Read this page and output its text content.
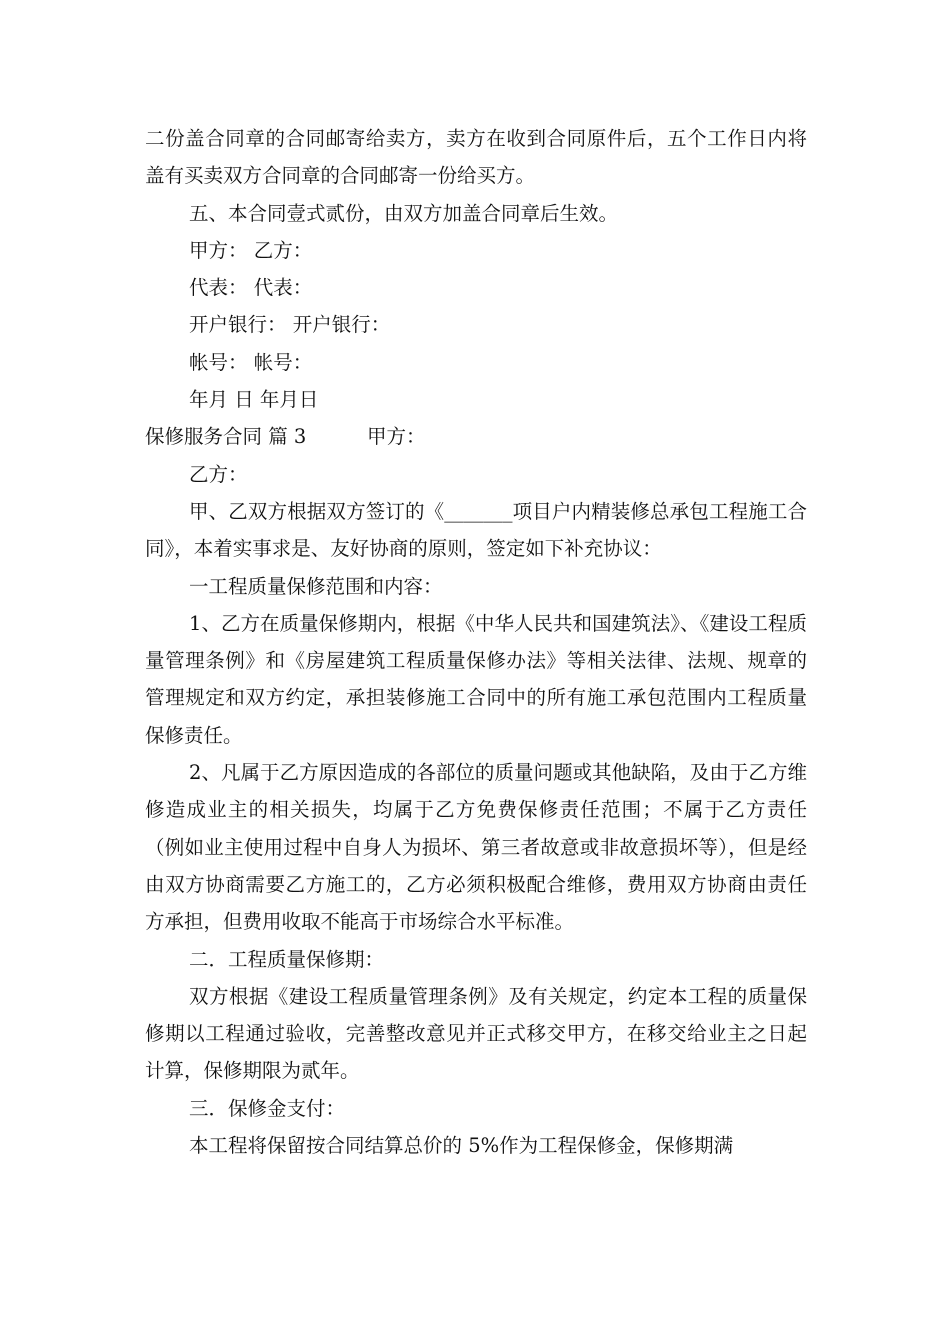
二份盖合同章的合同邮寄给卖方，卖方在收到合同原件后，五个工作日内将盖有买卖双方合同章的合同邮寄一份给买方。

五、本合同壹式贰份，由双方加盖合同章后生效。

甲方： 乙方：

代表： 代表：

开户银行： 开户银行：

帐号： 帐号：

年月 日 年月日

保修服务合同 篇 3	甲方：

乙方：

甲、乙双方根据双方签订的《_______项目户内精装修总承包工程施工合同》，本着实事求是、友好协商的原则，签定如下补充协议：

一工程质量保修范围和内容：

1、乙方在质量保修期内，根据《中华人民共和国建筑法》、《建设工程质量管理条例》和《房屋建筑工程质量保修办法》等相关法律、法规、规章的管理规定和双方约定，承担装修施工合同中的所有施工承包范围内工程质量保修责任。

2、凡属于乙方原因造成的各部位的质量问题或其他缺陷，及由于乙方维修造成业主的相关损失，均属于乙方免费保修责任范围；不属于乙方责任（例如业主使用过程中自身人为损坏、第三者故意或非故意损坏等），但是经由双方协商需要乙方施工的，乙方必须积极配合维修，费用双方协商由责任方承担，但费用收取不能高于市场综合水平标准。

二．工程质量保修期：

双方根据《建设工程质量管理条例》及有关规定，约定本工程的质量保修期以工程通过验收，完善整改意见并正式移交甲方，在移交给业主之日起计算，保修期限为贰年。

三．保修金支付：

本工程将保留按合同结算总价的 5%作为工程保修金，保修期满
